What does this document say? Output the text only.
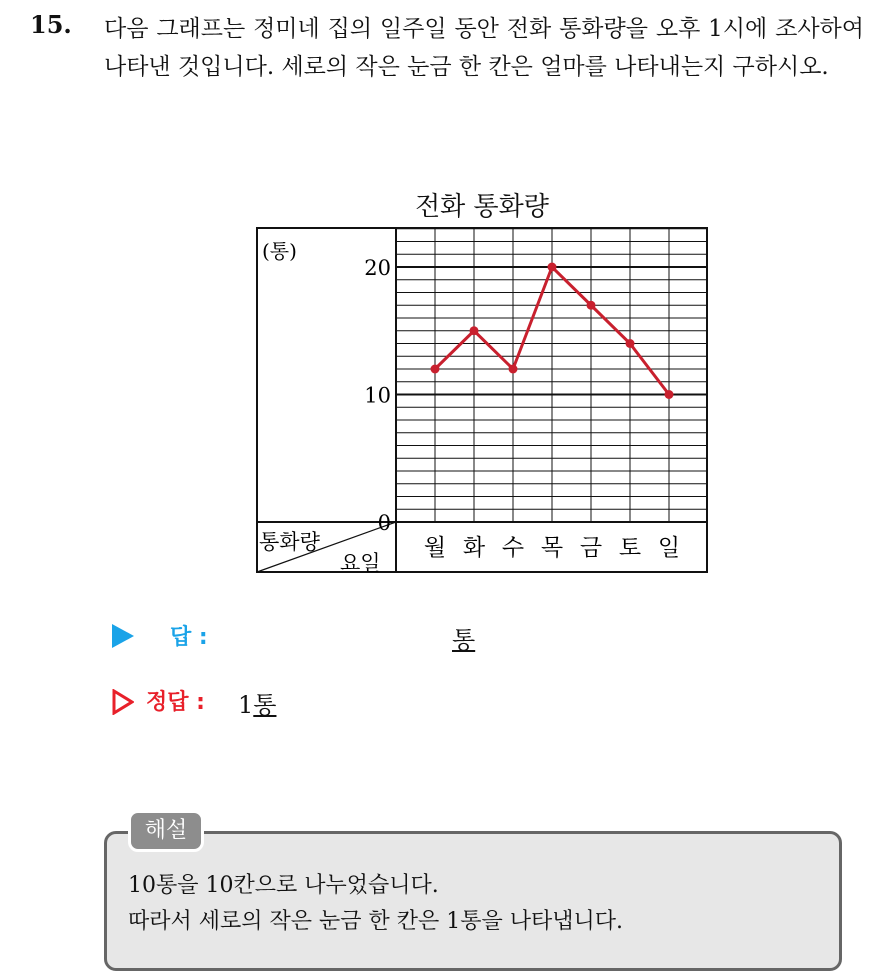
15. 다음 그래프는 정미네 집의 일주일 동안 전화 통화량을 오후 1시에 조사하여 나타낸 것입니다. 세로의 작은 눈금 한 칸은 얼마를 나타내는지 구하시오.
전화 통화량
(통)
0
10
20
통화량
요일
월 화 수 목 금 토 일
답 :	통
정답 : 1통
해설
10통을 10칸으로 나누었습니다.
따라서 세로의 작은 눈금 한 칸은 1통을 나타냅니다.
